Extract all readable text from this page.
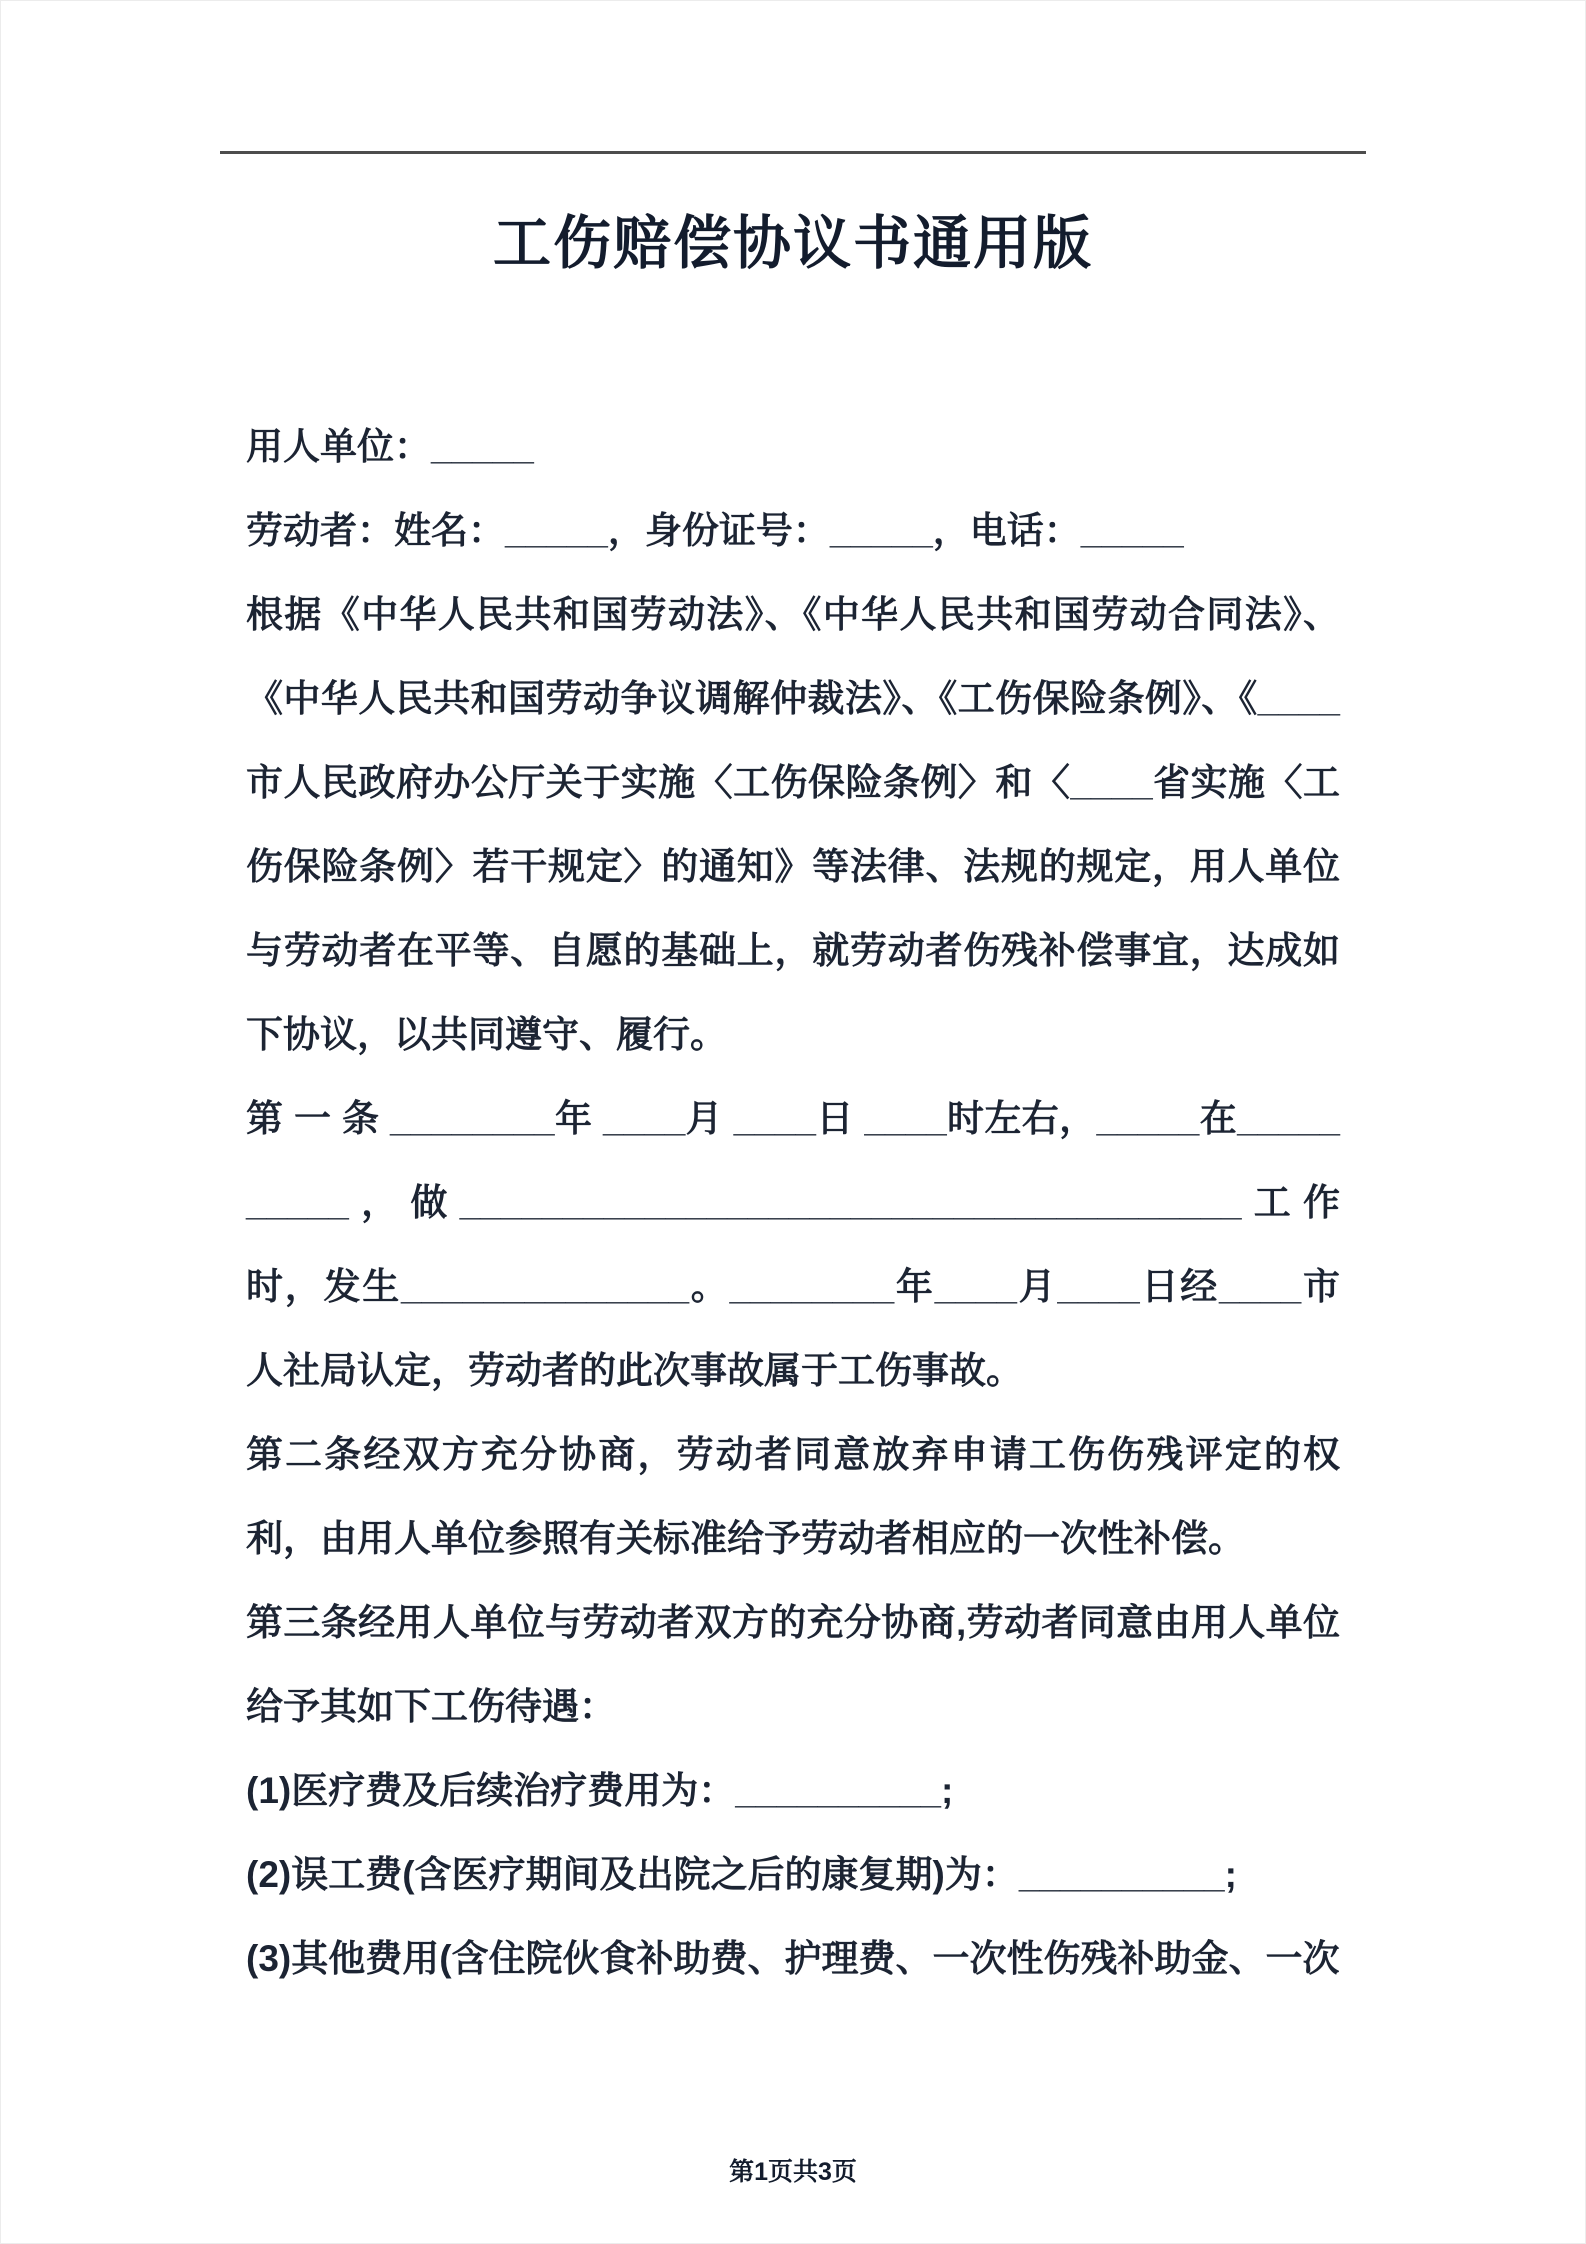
工伤赔偿协议书通用版

用人单位：_____

劳动者：姓名：_____，身份证号：_____，电话：_____

根据《中华人民共和国劳动法》、《中华人民共和国劳动合同法》、《中华人民共和国劳动争议调解仲裁法》、《工伤保险条例》、《____市人民政府办公厅关于实施〈工伤保险条例〉和〈____省实施〈工伤保险条例〉若干规定〉的通知》等法律、法规的规定，用人单位与劳动者在平等、自愿的基础上，就劳动者伤残补偿事宜，达成如下协议，以共同遵守、履行。

第 一 条 ________年 ____月 ____日 ____时左右，_____在__________，做______________________________________工作时，发生______________。________年____月____日经____市人社局认定，劳动者的此次事故属于工伤事故。

第二条经双方充分协商，劳动者同意放弃申请工伤伤残评定的权利，由用人单位参照有关标准给予劳动者相应的一次性补偿。

第三条经用人单位与劳动者双方的充分协商,劳动者同意由用人单位给予其如下工伤待遇：

(1)医疗费及后续治疗费用为：__________;

(2)误工费(含医疗期间及出院之后的康复期)为：__________;

(3)其他费用(含住院伙食补助费、护理费、一次性伤残补助金、一次

第1页共3页
